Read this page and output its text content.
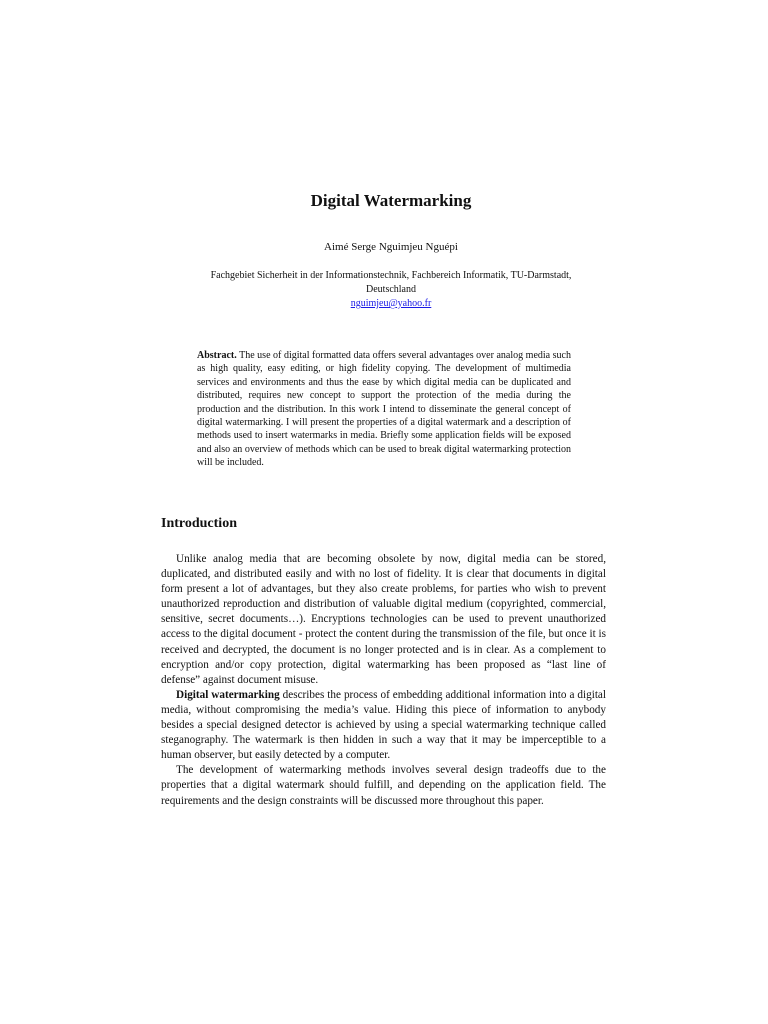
Digital Watermarking
Aimé Serge Nguimjeu Nguépi
Fachgebiet Sicherheit in der Informationstechnik, Fachbereich Informatik, TU-Darmstadt,
Deutschland
nguimjeu@yahoo.fr
Abstract. The use of digital formatted data offers several advantages over analog media such as high quality, easy editing, or high fidelity copying. The development of multimedia services and environments and thus the ease by which digital media can be duplicated and distributed, requires new concept to support the protection of the media during the production and the distribution. In this work I intend to disseminate the general concept of digital watermarking. I will present the properties of a digital watermark and a description of methods used to insert watermarks in media. Briefly some application fields will be exposed and also an overview of methods which can be used to break digital watermarking protection will be included.
Introduction

Unlike analog media that are becoming obsolete by now, digital media can be stored, duplicated, and distributed easily and with no lost of fidelity. It is clear that documents in digital form present a lot of advantages, but they also create problems, for parties who wish to prevent unauthorized reproduction and distribution of valuable digital medium (copyrighted, commercial, sensitive, secret documents…). Encryptions technologies can be used to prevent unauthorized access to the digital document - protect the content during the transmission of the file, but once it is received and decrypted, the document is no longer protected and is in clear. As a complement to encryption and/or copy protection, digital watermarking has been proposed as “last line of defense” against document misuse.

Digital watermarking describes the process of embedding additional information into a digital media, without compromising the media’s value. Hiding this piece of information to anybody besides a special designed detector is achieved by using a special watermarking technique called steganography. The watermark is then hidden in such a way that it may be imperceptible to a human observer, but easily detected by a computer.

The development of watermarking methods involves several design tradeoffs due to the properties that a digital watermark should fulfill, and depending on the application field. The requirements and the design constraints will be discussed more throughout this paper.
